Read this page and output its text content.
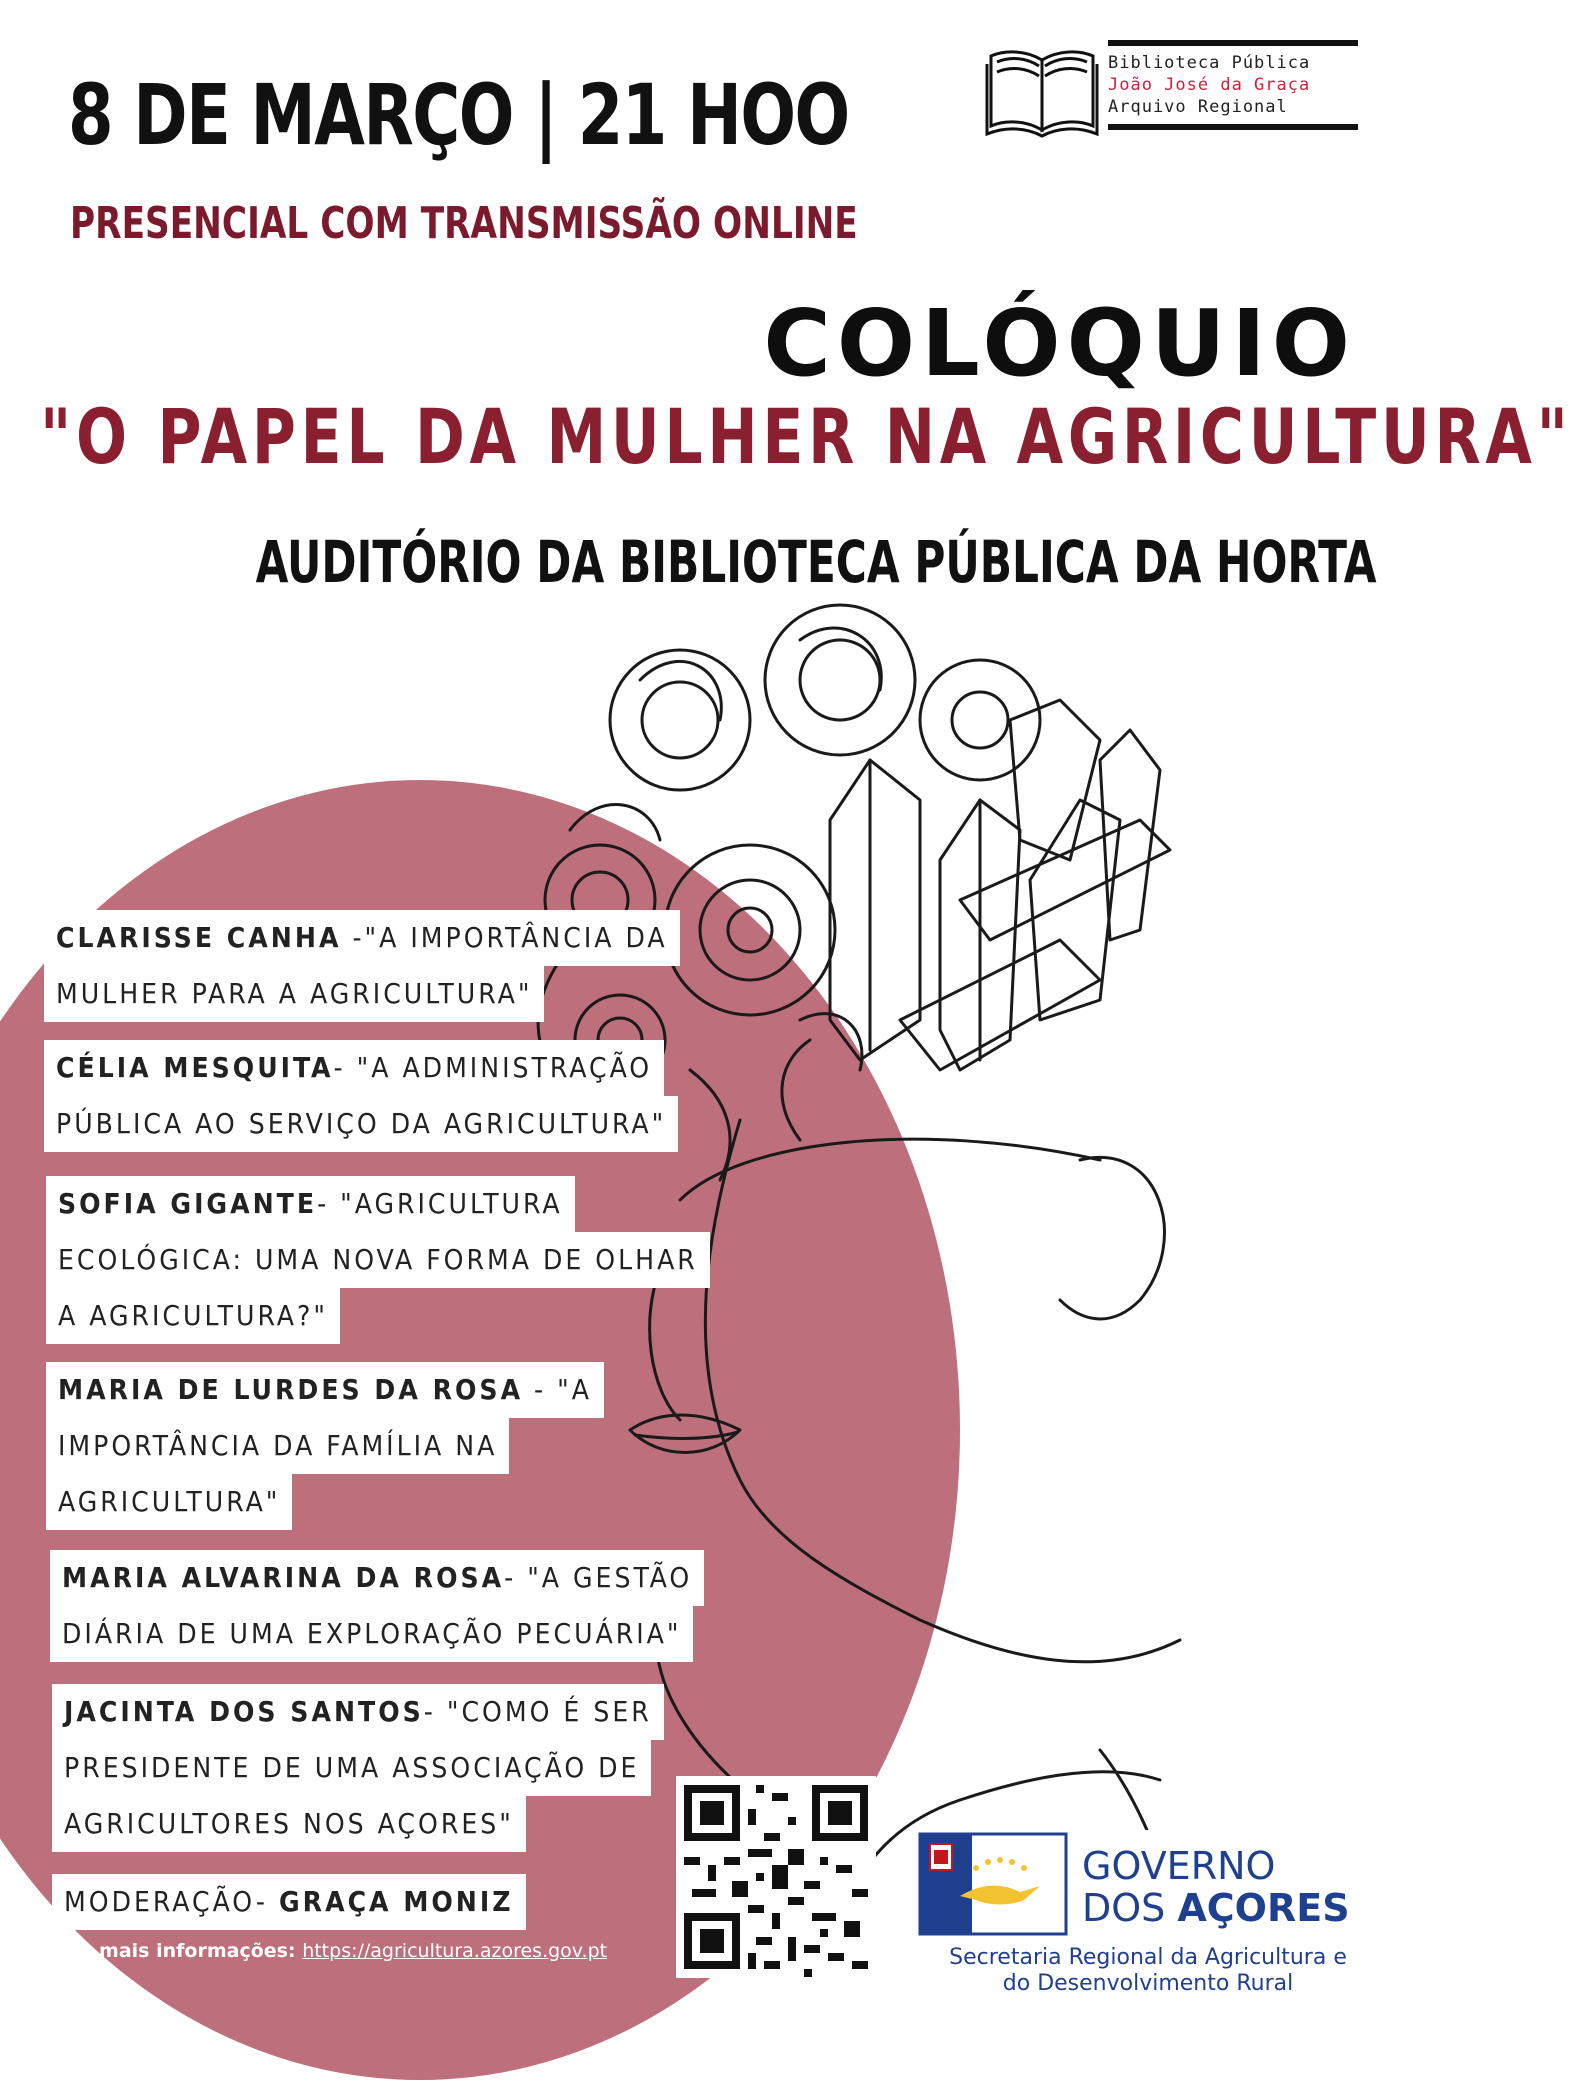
8 DE MARÇO | 21 HOO
PRESENCIAL COM TRANSMISSÃO ONLINE
Biblioteca Pública
João José da Graça
Arquivo Regional
COLÓQUIO
"O PAPEL DA MULHER NA AGRICULTURA"
AUDITÓRIO DA BIBLIOTECA PÚBLICA DA HORTA
CLARISSE CANHA -"A IMPORTÂNCIA DA
MULHER PARA A AGRICULTURA"
CÉLIA MESQUITA- "A ADMINISTRAÇÃO
PÚBLICA AO SERVIÇO DA AGRICULTURA"
SOFIA GIGANTE- "AGRICULTURA
ECOLÓGICA: UMA NOVA FORMA DE OLHAR
A AGRICULTURA?"
MARIA DE LURDES DA ROSA - "A
IMPORTÂNCIA DA FAMÍLIA NA
AGRICULTURA"
MARIA ALVARINA DA ROSA- "A GESTÃO
DIÁRIA DE UMA EXPLORAÇÃO PECUÁRIA"
JACINTA DOS SANTOS- "COMO É SER
PRESIDENTE DE UMA ASSOCIAÇÃO DE
AGRICULTORES NOS AÇORES"
MODERAÇÃO- GRAÇA MONIZ
Para mais informações: https://agricultura.azores.gov.pt
GOVERNO
DOS AÇORES
Secretaria Regional da Agricultura e
do Desenvolvimento Rural
